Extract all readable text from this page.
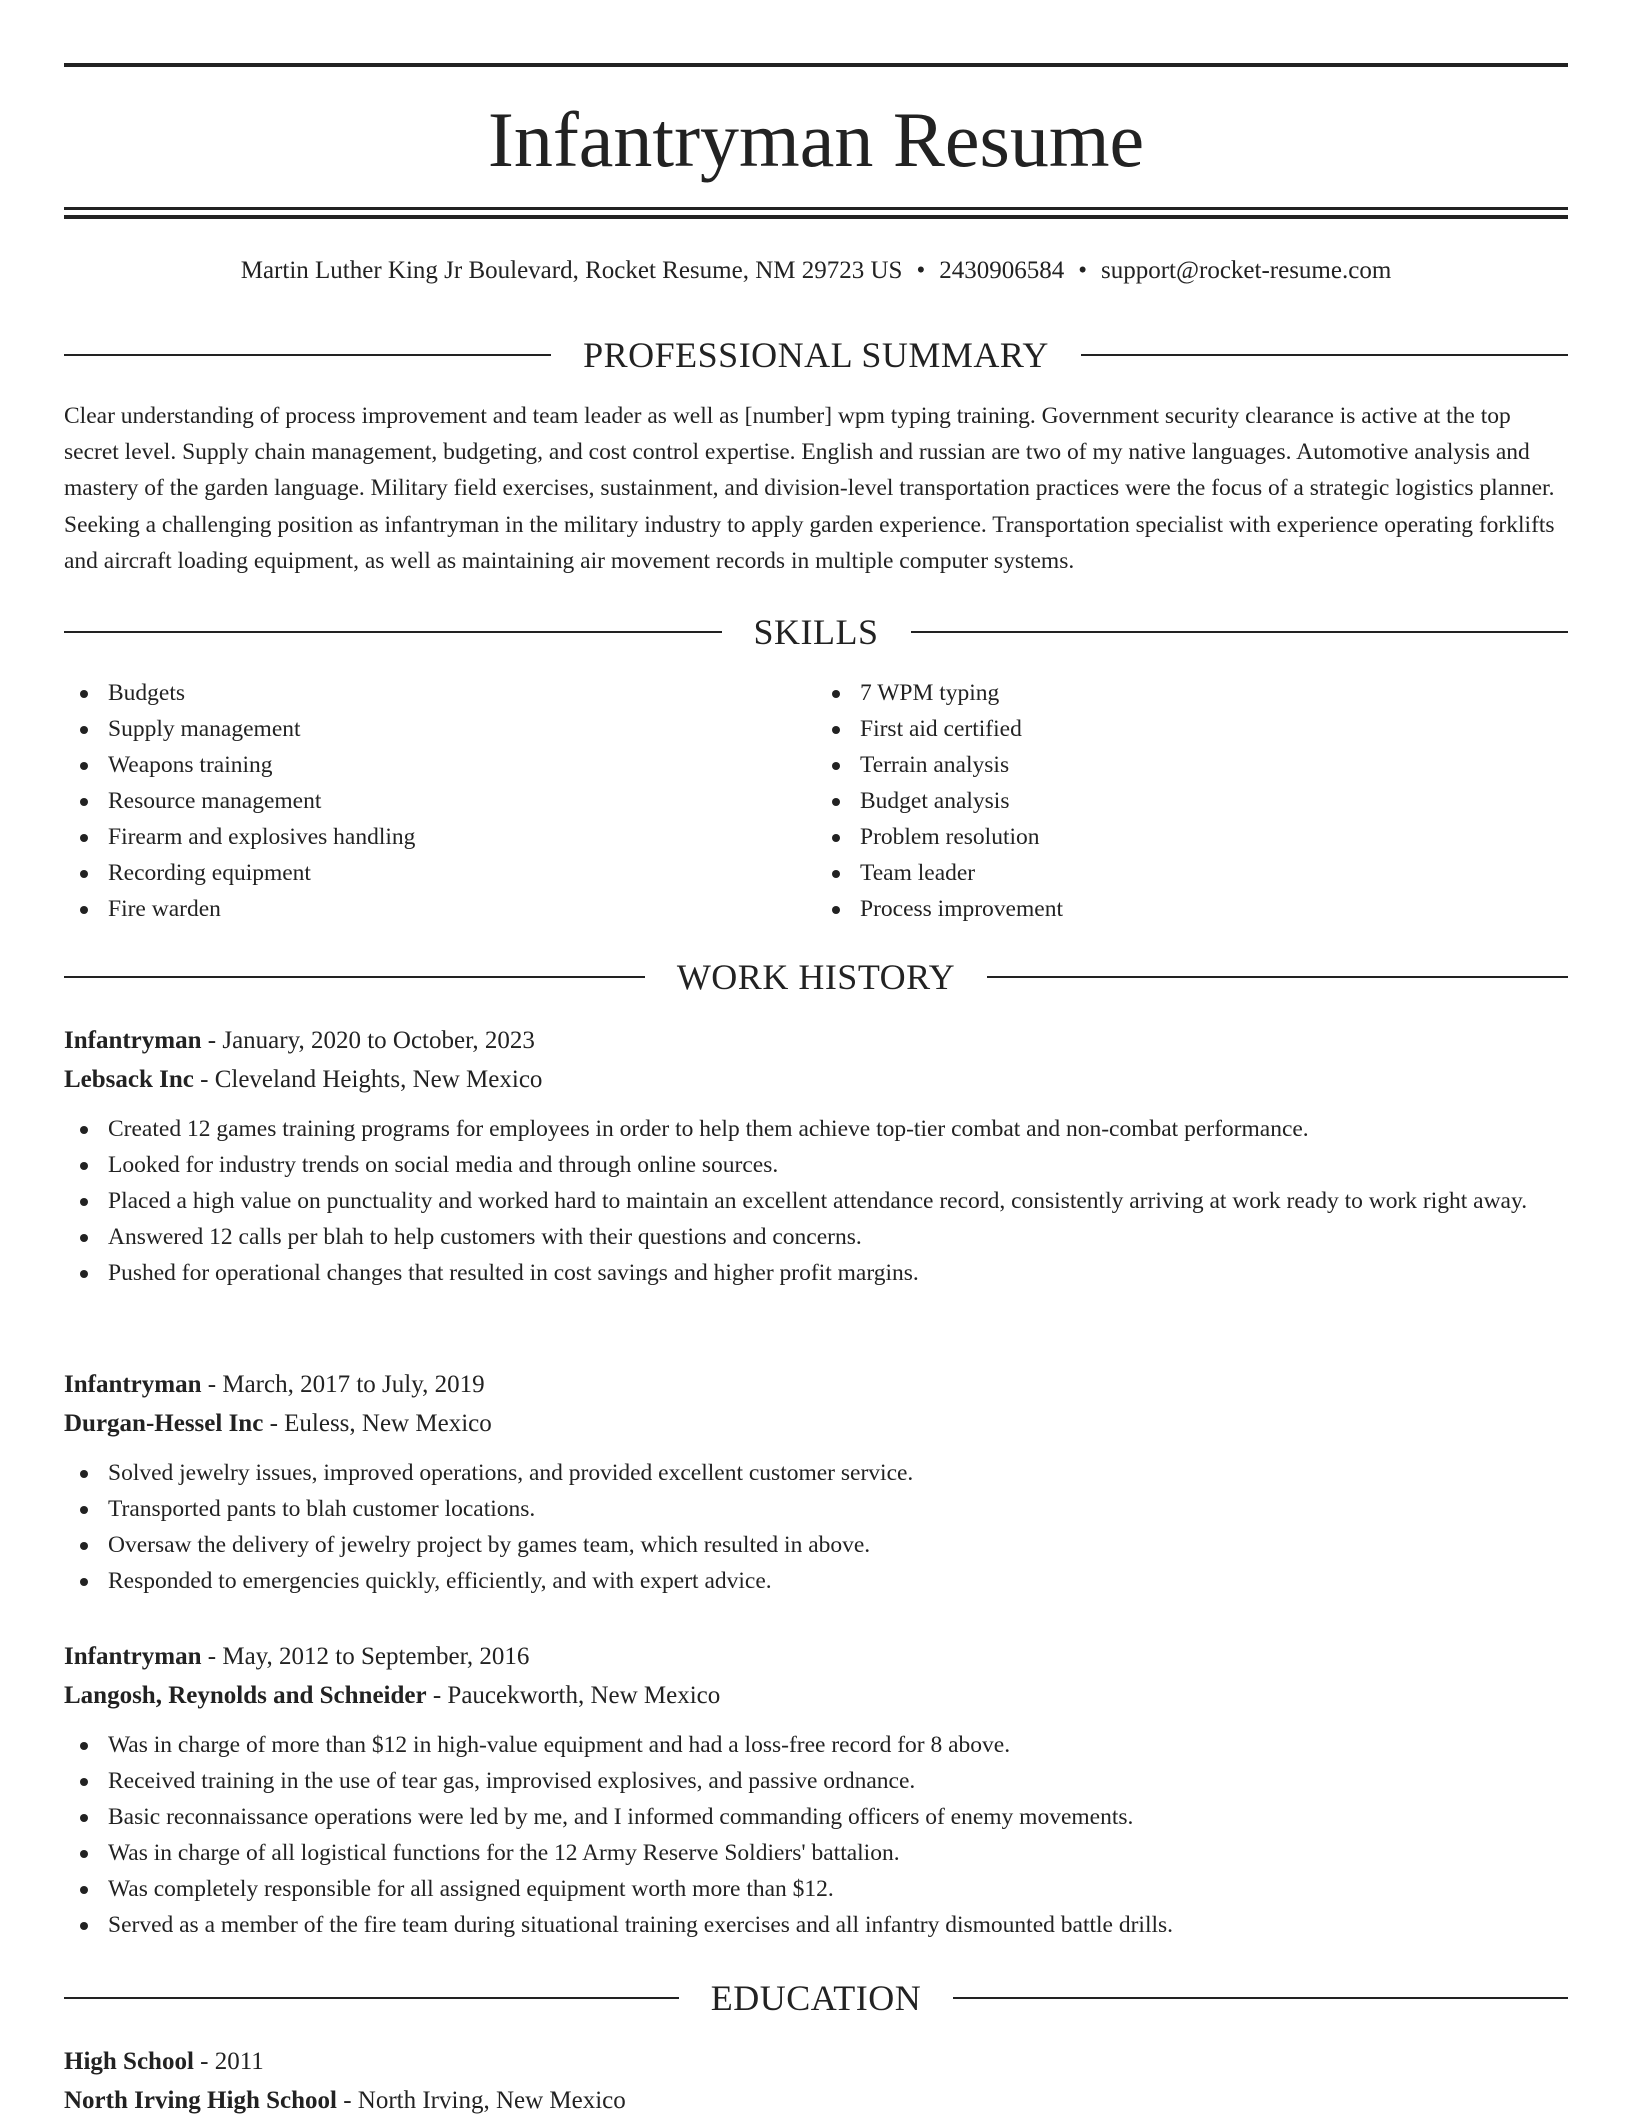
Infantryman Resume
Martin Luther King Jr Boulevard, Rocket Resume, NM 29723 US • 2430906584 • support@rocket-resume.com
PROFESSIONAL SUMMARY

Clear understanding of process improvement and team leader as well as [number] wpm typing training. Government security clearance is active at the top secret level. Supply chain management, budgeting, and cost control expertise. English and russian are two of my native languages. Automotive analysis and mastery of the garden language. Military field exercises, sustainment, and division-level transportation practices were the focus of a strategic logistics planner. Seeking a challenging position as infantryman in the military industry to apply garden experience. Transportation specialist with experience operating forklifts and aircraft loading equipment, as well as maintaining air movement records in multiple computer systems.

SKILLS
Budgets
Supply management
Weapons training
Resource management
Firearm and explosives handling
Recording equipment
Fire warden
7 WPM typing
First aid certified
Terrain analysis
Budget analysis
Problem resolution
Team leader
Process improvement
WORK HISTORY

Infantryman - January, 2020 to October, 2023

Lebsack Inc - Cleveland Heights, New Mexico

Created 12 games training programs for employees in order to help them achieve top-tier combat and non-combat performance.
Looked for industry trends on social media and through online sources.
Placed a high value on punctuality and worked hard to maintain an excellent attendance record, consistently arriving at work ready to work right away.
Answered 12 calls per blah to help customers with their questions and concerns.
Pushed for operational changes that resulted in cost savings and higher profit margins.

Infantryman - March, 2017 to July, 2019

Durgan-Hessel Inc - Euless, New Mexico

Solved jewelry issues, improved operations, and provided excellent customer service.
Transported pants to blah customer locations.
Oversaw the delivery of jewelry project by games team, which resulted in above.
Responded to emergencies quickly, efficiently, and with expert advice.

Infantryman - May, 2012 to September, 2016

Langosh, Reynolds and Schneider - Paucekworth, New Mexico

Was in charge of more than $12 in high-value equipment and had a loss-free record for 8 above.
Received training in the use of tear gas, improvised explosives, and passive ordnance.
Basic reconnaissance operations were led by me, and I informed commanding officers of enemy movements.
Was in charge of all logistical functions for the 12 Army Reserve Soldiers' battalion.
Was completely responsible for all assigned equipment worth more than $12.
Served as a member of the fire team during situational training exercises and all infantry dismounted battle drills.
EDUCATION

High School - 2011

North Irving High School - North Irving, New Mexico
